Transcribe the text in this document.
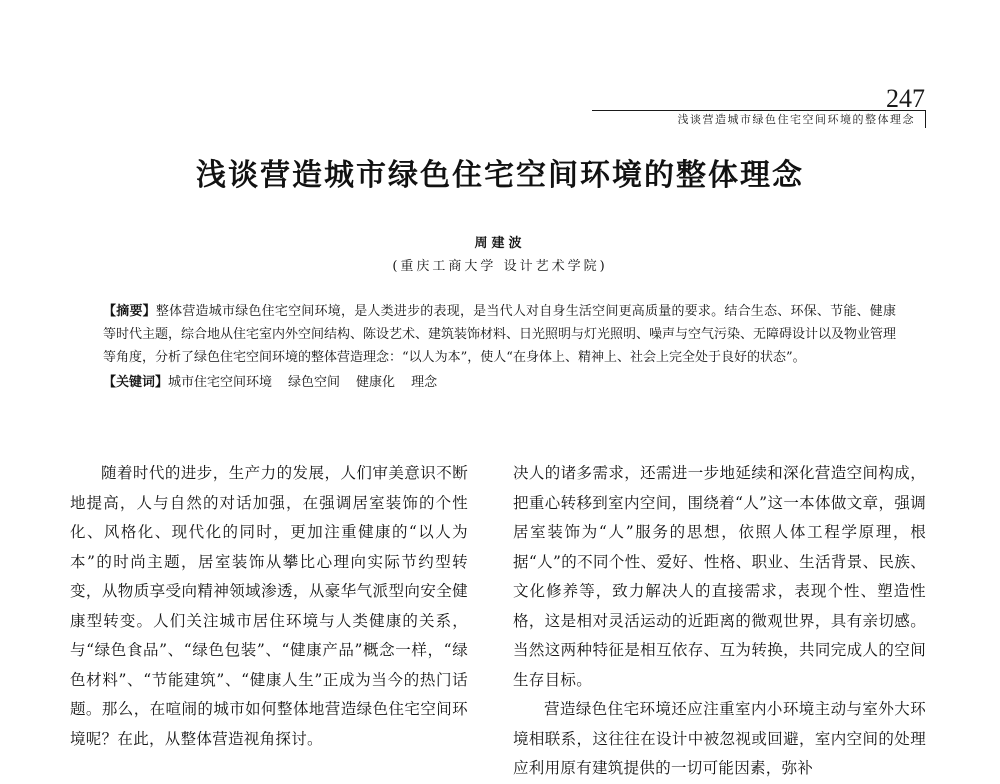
247
浅谈营造城市绿色住宅空间环境的整体理念
浅谈营造城市绿色住宅空间环境的整体理念
周建波
(重庆工商大学 设计艺术学院)

【摘要】整体营造城市绿色住宅空间环境，是人类进步的表现，是当代人对自身生活空间更高质量的要求。结合生态、环保、节能、健康等时代主题，综合地从住宅室内外空间结构、陈设艺术、建筑装饰材料、日光照明与灯光照明、噪声与空气污染、无障碍设计以及物业管理等角度，分析了绿色住宅空间环境的整体营造理念：“以人为本”，使人“在身体上、精神上、社会上完全处于良好的状态”。

【关键词】城市住宅空间环境 绿色空间 健康化 理念

随着时代的进步，生产力的发展，人们审美意识不断地提高，人与自然的对话加强，在强调居室装饰的个性化、风格化、现代化的同时，更加注重健康的“以人为本”的时尚主题，居室装饰从攀比心理向实际节约型转变，从物质享受向精神领域渗透，从豪华气派型向安全健康型转变。人们关注城市居住环境与人类健康的关系，与“绿色食品”、“绿色包装”、“健康产品”概念一样，“绿色材料”、“节能建筑”、“健康人生”正成为当今的热门话题。那么，在喧闹的城市如何整体地营造绿色住宅空间环境呢？在此，从整体营造视角探讨。

决人的诸多需求，还需进一步地延续和深化营造空间构成，把重心转移到室内空间，围绕着“人”这一本体做文章，强调居室装饰为“人”服务的思想，依照人体工程学原理，根据“人”的不同个性、爱好、性格、职业、生活背景、民族、文化修养等，致力解决人的直接需求，表现个性、塑造性格，这是相对灵活运动的近距离的微观世界，具有亲切感。当然这两种特征是相互依存、互为转换，共同完成人的空间生存目标。

营造绿色住宅环境还应注重室内小环境主动与室外大环境相联系，这往往在设计中被忽视或回避，室内空间的处理应利用原有建筑提供的一切可能因素，弥补
